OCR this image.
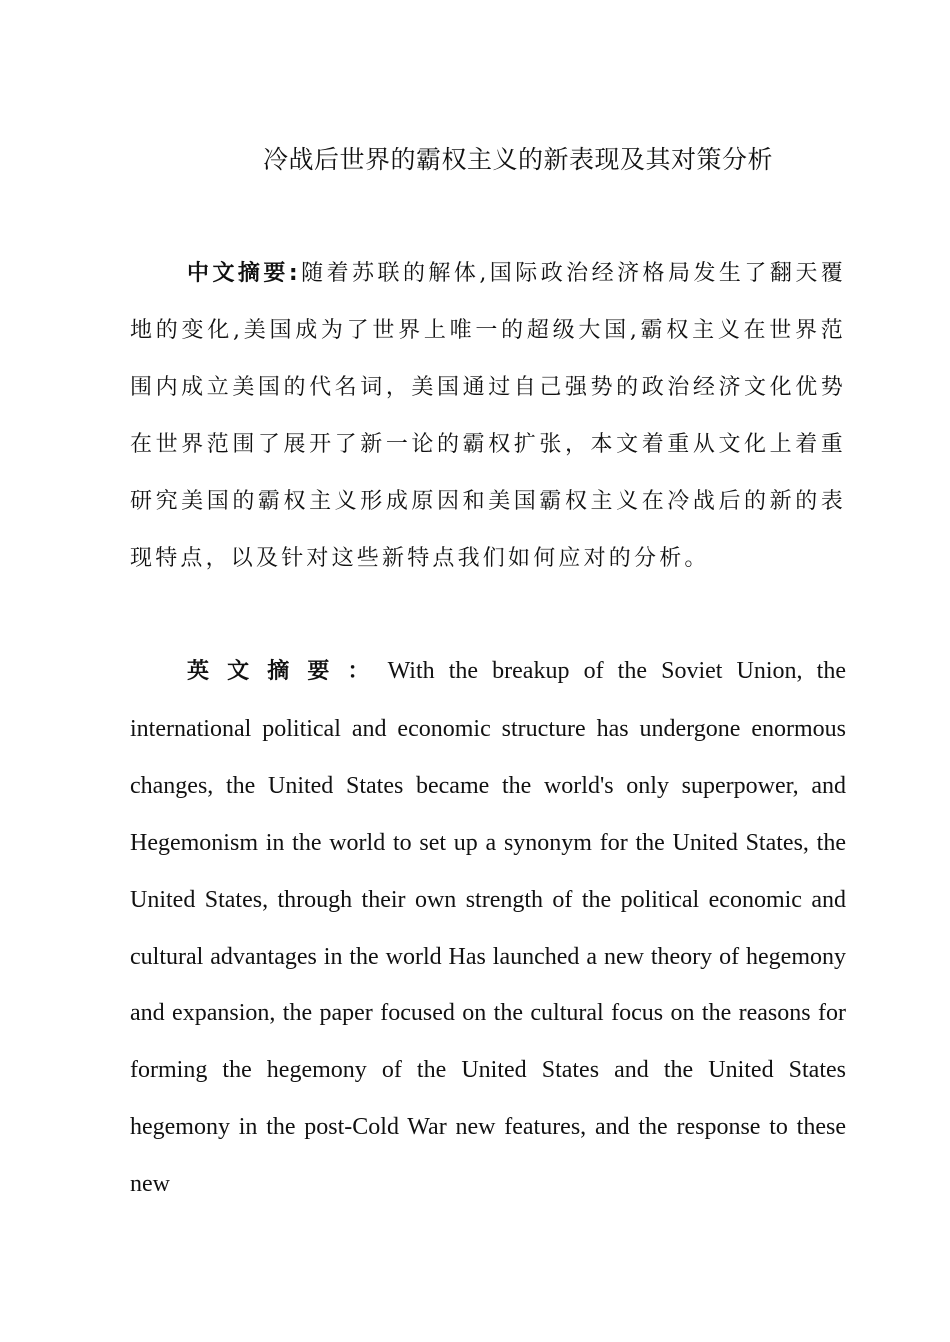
冷战后世界的霸权主义的新表现及其对策分析

中文摘要:随着苏联的解体,国际政治经济格局发生了翻天覆地的变化,美国成为了世界上唯一的超级大国,霸权主义在世界范围内成立美国的代名词，美国通过自己强势的政治经济文化优势在世界范围了展开了新一论的霸权扩张，本文着重从文化上着重研究美国的霸权主义形成原因和美国霸权主义在冷战后的新的表现特点，以及针对这些新特点我们如何应对的分析。

英文摘要：With the breakup of the Soviet Union, the international political and economic structure has undergone enormous changes, the United States became the world's only superpower, and Hegemonism in the world to set up a synonym for the United States, the United States, through their own strength of the political economic and cultural advantages in the world Has launched a new theory of hegemony and expansion, the paper focused on the cultural focus on the reasons for forming the hegemony of the United States and the United States hegemony in the post-Cold War new features, and the response to these new
